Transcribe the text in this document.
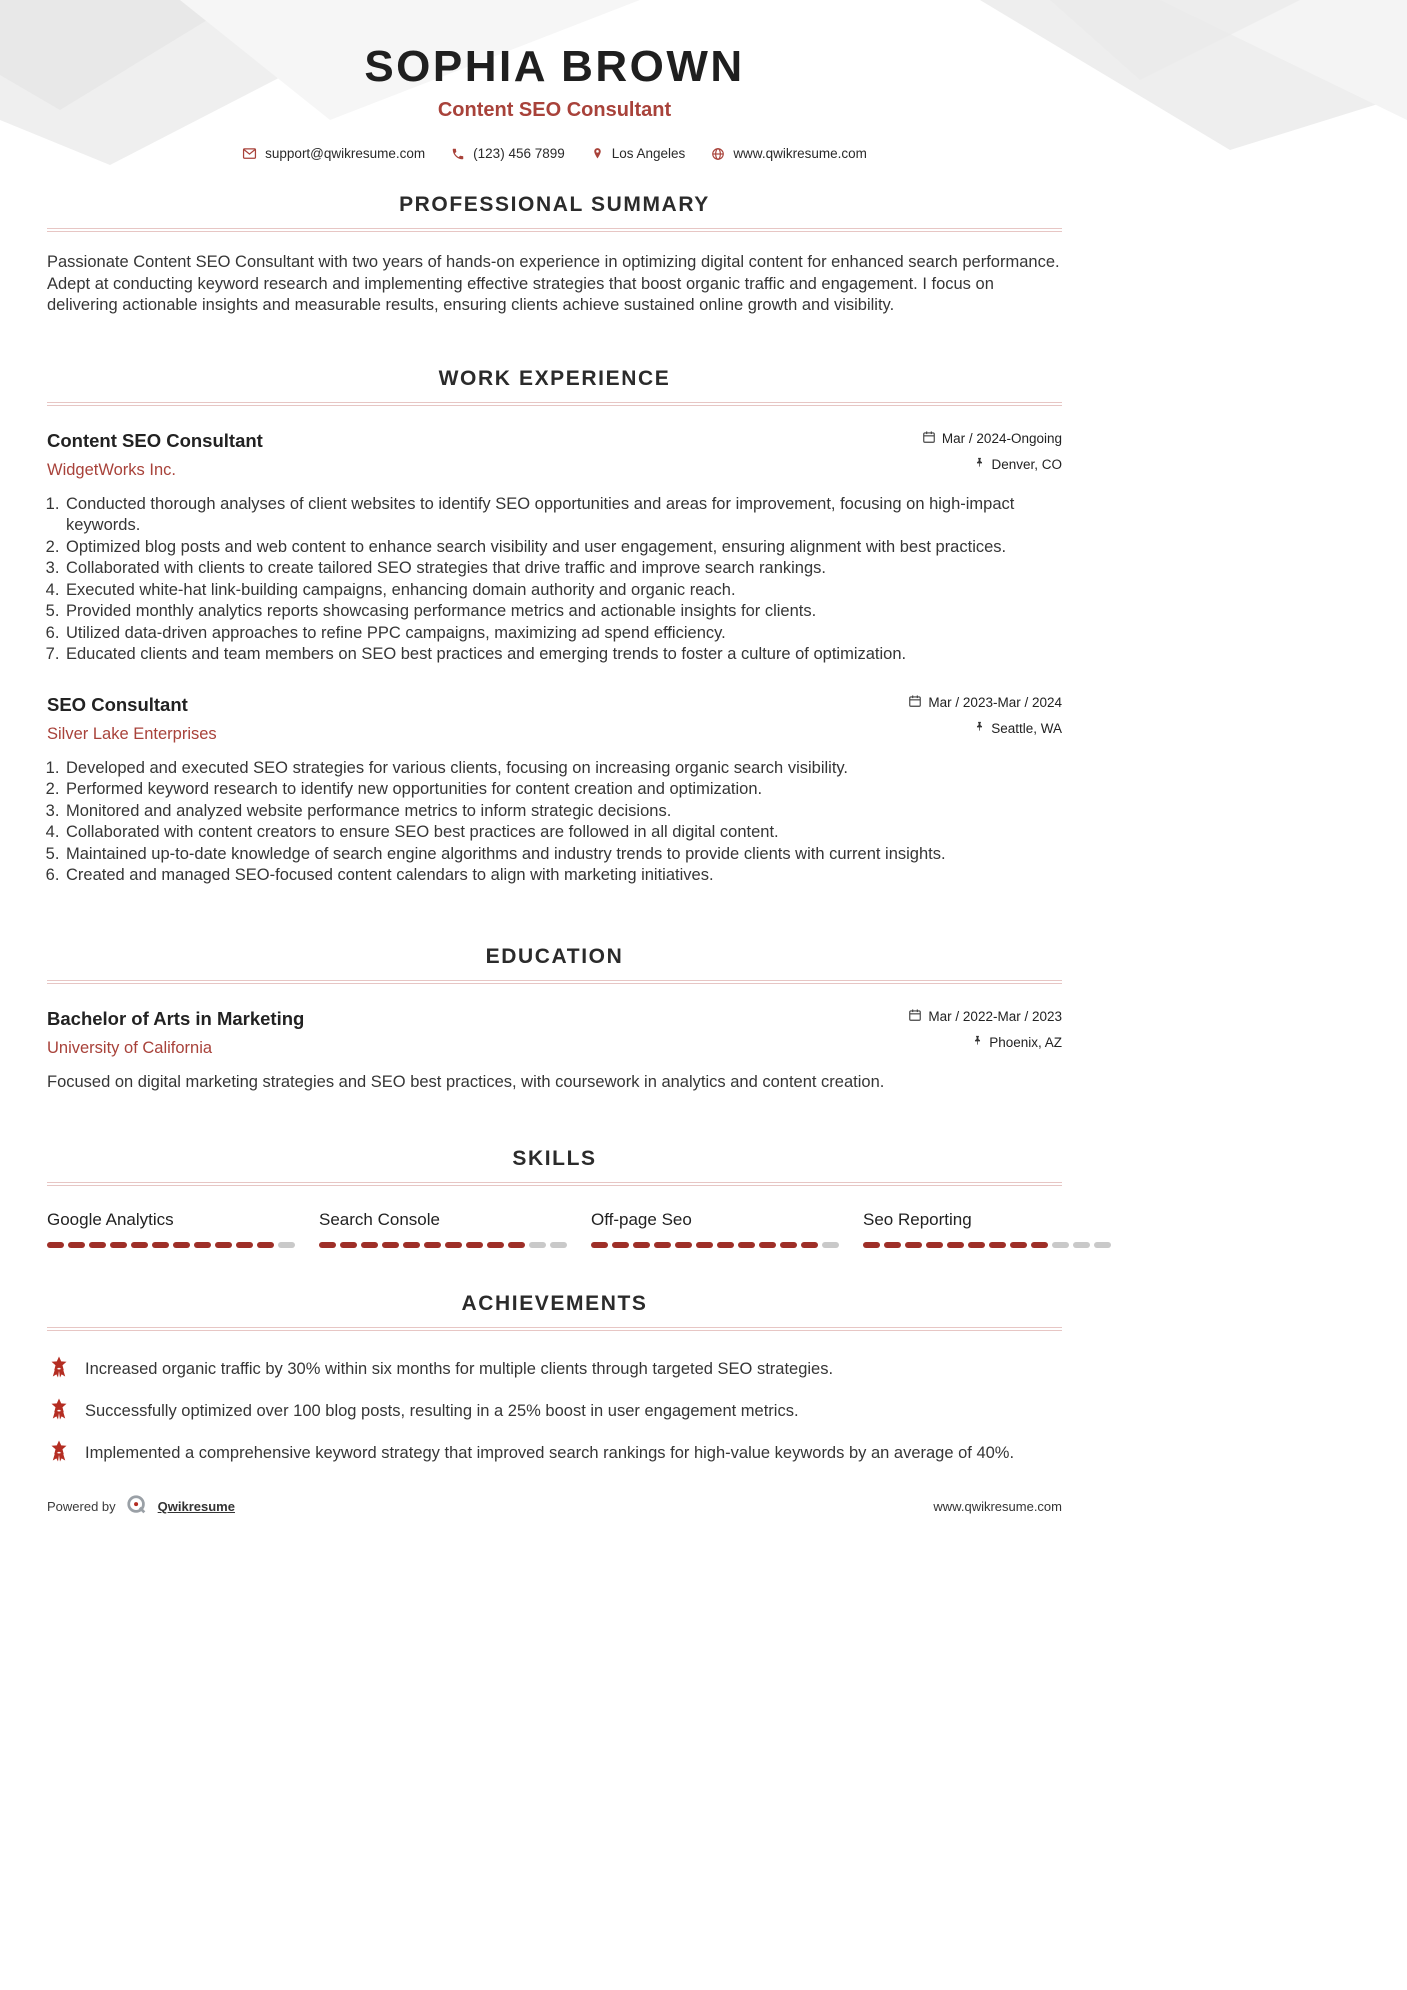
SOPHIA BROWN
Content SEO Consultant
support@qwikresume.com	(123) 456 7899	Los Angeles	www.qwikresume.com
PROFESSIONAL SUMMARY

Passionate Content SEO Consultant with two years of hands-on experience in optimizing digital content for enhanced search performance. Adept at conducting keyword research and implementing effective strategies that boost organic traffic and engagement. I focus on delivering actionable insights and measurable results, ensuring clients achieve sustained online growth and visibility.

WORK EXPERIENCE
Content SEO Consultant
WidgetWorks Inc.
Mar / 2024-Ongoing
Denver, CO
1. Conducted thorough analyses of client websites to identify SEO opportunities and areas for improvement, focusing on high-impact keywords.
2. Optimized blog posts and web content to enhance search visibility and user engagement, ensuring alignment with best practices.
3. Collaborated with clients to create tailored SEO strategies that drive traffic and improve search rankings.
4. Executed white-hat link-building campaigns, enhancing domain authority and organic reach.
5. Provided monthly analytics reports showcasing performance metrics and actionable insights for clients.
6. Utilized data-driven approaches to refine PPC campaigns, maximizing ad spend efficiency.
7. Educated clients and team members on SEO best practices and emerging trends to foster a culture of optimization.
SEO Consultant
Silver Lake Enterprises
Mar / 2023-Mar / 2024
Seattle, WA
1. Developed and executed SEO strategies for various clients, focusing on increasing organic search visibility.
2. Performed keyword research to identify new opportunities for content creation and optimization.
3. Monitored and analyzed website performance metrics to inform strategic decisions.
4. Collaborated with content creators to ensure SEO best practices are followed in all digital content.
5. Maintained up-to-date knowledge of search engine algorithms and industry trends to provide clients with current insights.
6. Created and managed SEO-focused content calendars to align with marketing initiatives.
EDUCATION
Bachelor of Arts in Marketing
University of California
Mar / 2022-Mar / 2023
Phoenix, AZ

Focused on digital marketing strategies and SEO best practices, with coursework in analytics and content creation.

SKILLS
Google Analytics	Search Console	Off-page Seo	Seo Reporting
ACHIEVEMENTS
Increased organic traffic by 30% within six months for multiple clients through targeted SEO strategies.
Successfully optimized over 100 blog posts, resulting in a 25% boost in user engagement metrics.
Implemented a comprehensive keyword strategy that improved search rankings for high-value keywords by an average of 40%.
Powered by	Qwikresume	www.qwikresume.com
